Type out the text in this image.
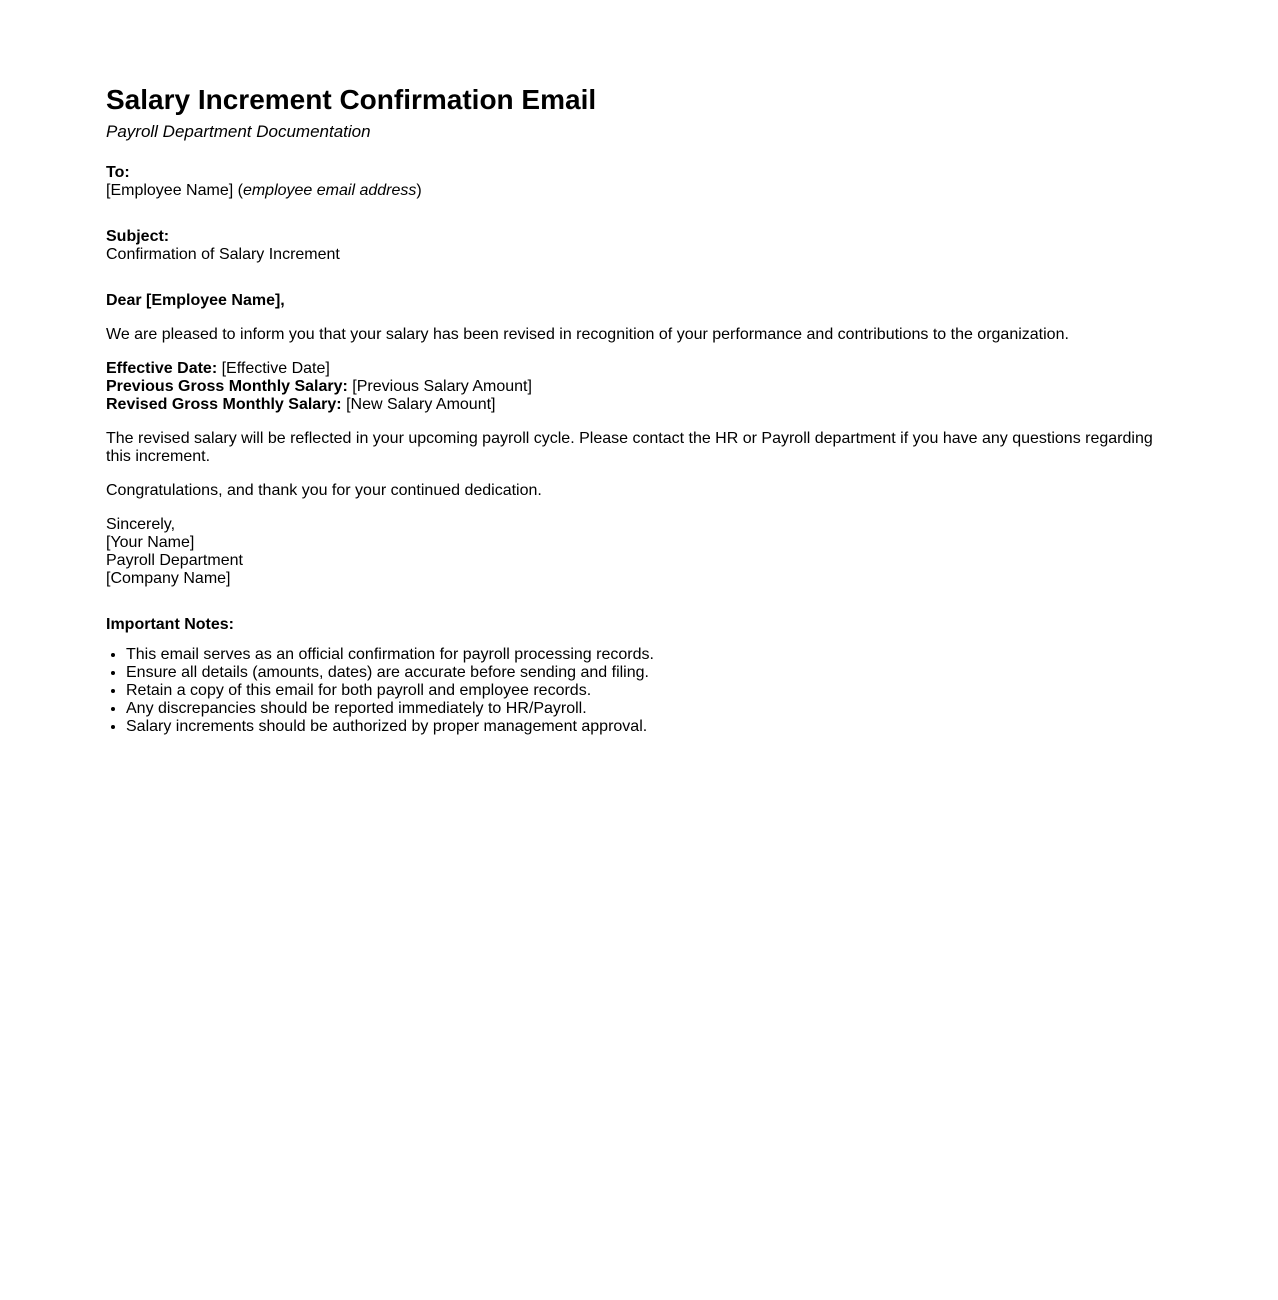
Salary Increment Confirmation Email
Payroll Department Documentation
To:
[Employee Name] (employee email address)
Subject:
Confirmation of Salary Increment

Dear [Employee Name],

We are pleased to inform you that your salary has been revised in recognition of your performance and contributions to the organization.

Effective Date: [Effective Date]
Previous Gross Monthly Salary: [Previous Salary Amount]
Revised Gross Monthly Salary: [New Salary Amount]

The revised salary will be reflected in your upcoming payroll cycle. Please contact the HR or Payroll department if you have any questions regarding this increment.

Congratulations, and thank you for your continued dedication.

Sincerely,
[Your Name]
Payroll Department
[Company Name]

Important Notes:

• This email serves as an official confirmation for payroll processing records.
• Ensure all details (amounts, dates) are accurate before sending and filing.
• Retain a copy of this email for both payroll and employee records.
• Any discrepancies should be reported immediately to HR/Payroll.
• Salary increments should be authorized by proper management approval.
